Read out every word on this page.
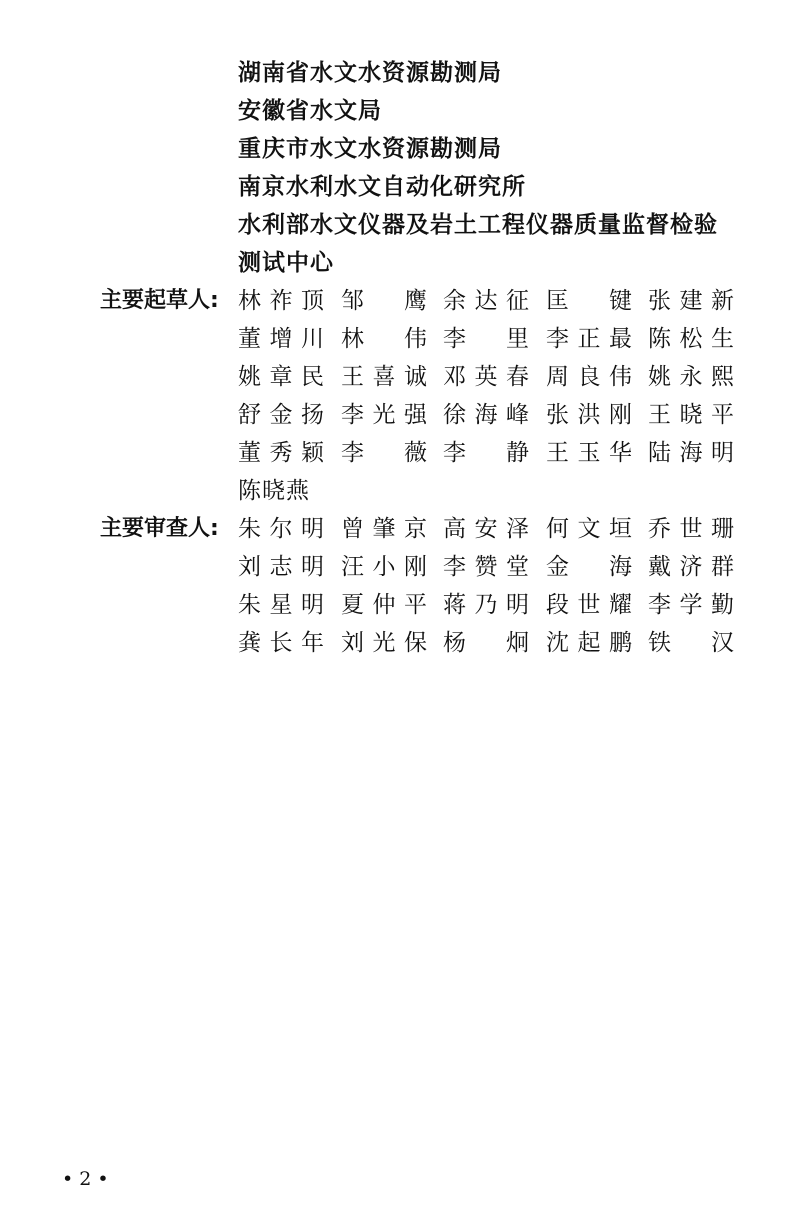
湖南省水文水资源勘测局
安徽省水文局
重庆市水文水资源勘测局
南京水利水文自动化研究所
水利部水文仪器及岩土工程仪器质量监督检验
测试中心
主要起草人: 林祚顶 邹 鹰 余达征 匡 键 张建新
董增川 林 伟 李 里 李正最 陈松生
姚章民 王喜诚 邓英春 周良伟 姚永熙
舒金扬 李光强 徐海峰 张洪刚 王晓平
董秀颖 李 薇 李 静 王玉华 陆海明
陈晓燕
主要审查人: 朱尔明 曾肇京 高安泽 何文垣 乔世珊
刘志明 汪小刚 李赞堂 金 海 戴济群
朱星明 夏仲平 蒋乃明 段世耀 李学勤
龚长年 刘光保 杨 炯 沈起鹏 铁 汉
• 2 •
